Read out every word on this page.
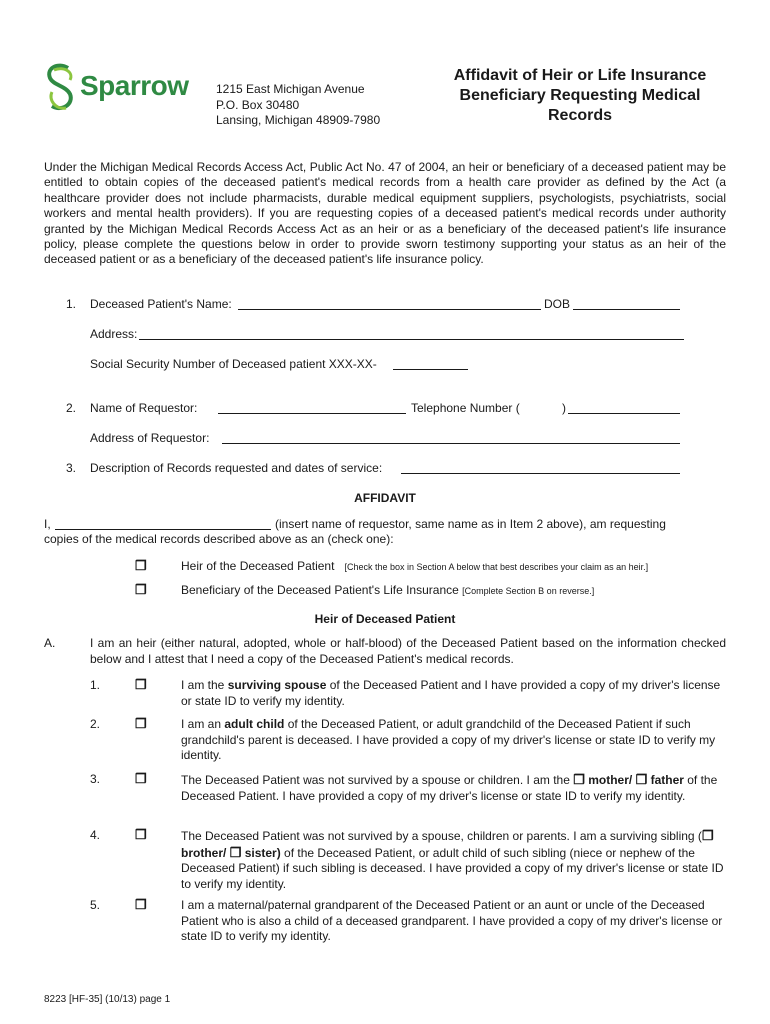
Sparrow 1215 East Michigan Avenue
P.O. Box 30480
Lansing, Michigan 48909-7980
Affidavit of Heir or Life Insurance
Beneficiary Requesting Medical
Records
Under the Michigan Medical Records Access Act, Public Act No. 47 of 2004, an heir or beneficiary of a deceased patient may be entitled to obtain copies of the deceased patient's medical records from a health care provider as defined by the Act (a healthcare provider does not include pharmacists, durable medical equipment suppliers, psychologists, psychiatrists, social workers and mental health providers). If you are requesting copies of a deceased patient's medical records under authority granted by the Michigan Medical Records Access Act as an heir or as a beneficiary of the deceased patient's life insurance policy, please complete the questions below in order to provide sworn testimony supporting your status as an heir of the deceased patient or as a beneficiary of the deceased patient's life insurance policy.
1. Deceased Patient's Name:	DOB
Address:
Social Security Number of Deceased patient XXX-XX-
2. Name of Requestor:	Telephone Number (	)
Address of Requestor:
3. Description of Records requested and dates of service:
AFFIDAVIT
I,	(insert name of requestor, same name as in Item 2 above), am requesting
copies of the medical records described above as an (check one):
❒	Heir of the Deceased Patient [Check the box in Section A below that best describes your claim as an heir.]
❒	Beneficiary of the Deceased Patient's Life Insurance [Complete Section B on reverse.]
Heir of Deceased Patient
A.	I am an heir (either natural, adopted, whole or half-blood) of the Deceased Patient based on the information checked below and I attest that I need a copy of the Deceased Patient's medical records.
1.	❒	I am the surviving spouse of the Deceased Patient and I have provided a copy of my driver's license or state ID to verify my identity.
2.	❒	I am an adult child of the Deceased Patient, or adult grandchild of the Deceased Patient if such grandchild's parent is deceased. I have provided a copy of my driver's license or state ID to verify my identity.
3.	❒	The Deceased Patient was not survived by a spouse or children. I am the ❒ mother/ ❒ father of the Deceased Patient. I have provided a copy of my driver's license or state ID to verify my identity.
4.	❒	The Deceased Patient was not survived by a spouse, children or parents. I am a surviving sibling (❒ brother/ ❒ sister) of the Deceased Patient, or adult child of such sibling (niece or nephew of the Deceased Patient) if such sibling is deceased. I have provided a copy of my driver's license or state ID to verify my identity.
5.	❒	I am a maternal/paternal grandparent of the Deceased Patient or an aunt or uncle of the Deceased Patient who is also a child of a deceased grandparent. I have provided a copy of my driver's license or state ID to verify my identity.
8223 [HF-35] (10/13) page 1
